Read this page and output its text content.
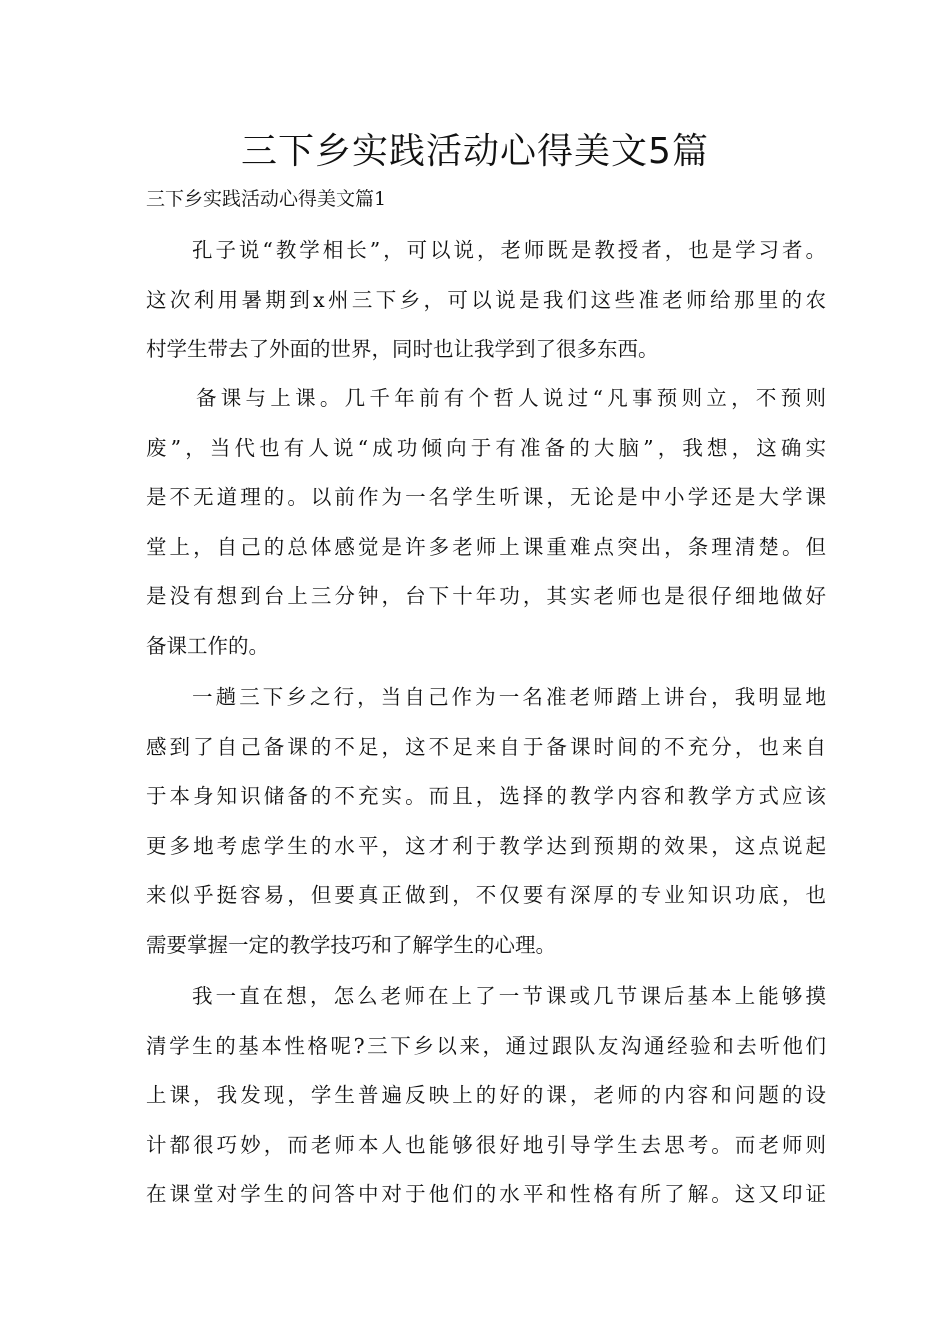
三下乡实践活动心得美文5篇
三下乡实践活动心得美文篇1
孔子说“教学相长”，可以说，老师既是教授者，也是学习者。
这次利用暑期到x州三下乡，可以说是我们这些准老师给那里的农
村学生带去了外面的世界，同时也让我学到了很多东西。
备课与上课。几千年前有个哲人说过“凡事预则立，不预则
废”，当代也有人说“成功倾向于有准备的大脑”，我想，这确实
是不无道理的。以前作为一名学生听课，无论是中小学还是大学课
堂上，自己的总体感觉是许多老师上课重难点突出，条理清楚。但
是没有想到台上三分钟，台下十年功，其实老师也是很仔细地做好
备课工作的。
一趟三下乡之行，当自己作为一名准老师踏上讲台，我明显地
感到了自己备课的不足，这不足来自于备课时间的不充分，也来自
于本身知识储备的不充实。而且，选择的教学内容和教学方式应该
更多地考虑学生的水平，这才利于教学达到预期的效果，这点说起
来似乎挺容易，但要真正做到，不仅要有深厚的专业知识功底，也
需要掌握一定的教学技巧和了解学生的心理。
我一直在想，怎么老师在上了一节课或几节课后基本上能够摸
清学生的基本性格呢?三下乡以来，通过跟队友沟通经验和去听他们
上课，我发现，学生普遍反映上的好的课，老师的内容和问题的设
计都很巧妙，而老师本人也能够很好地引导学生去思考。而老师则
在课堂对学生的问答中对于他们的水平和性格有所了解。这又印证
